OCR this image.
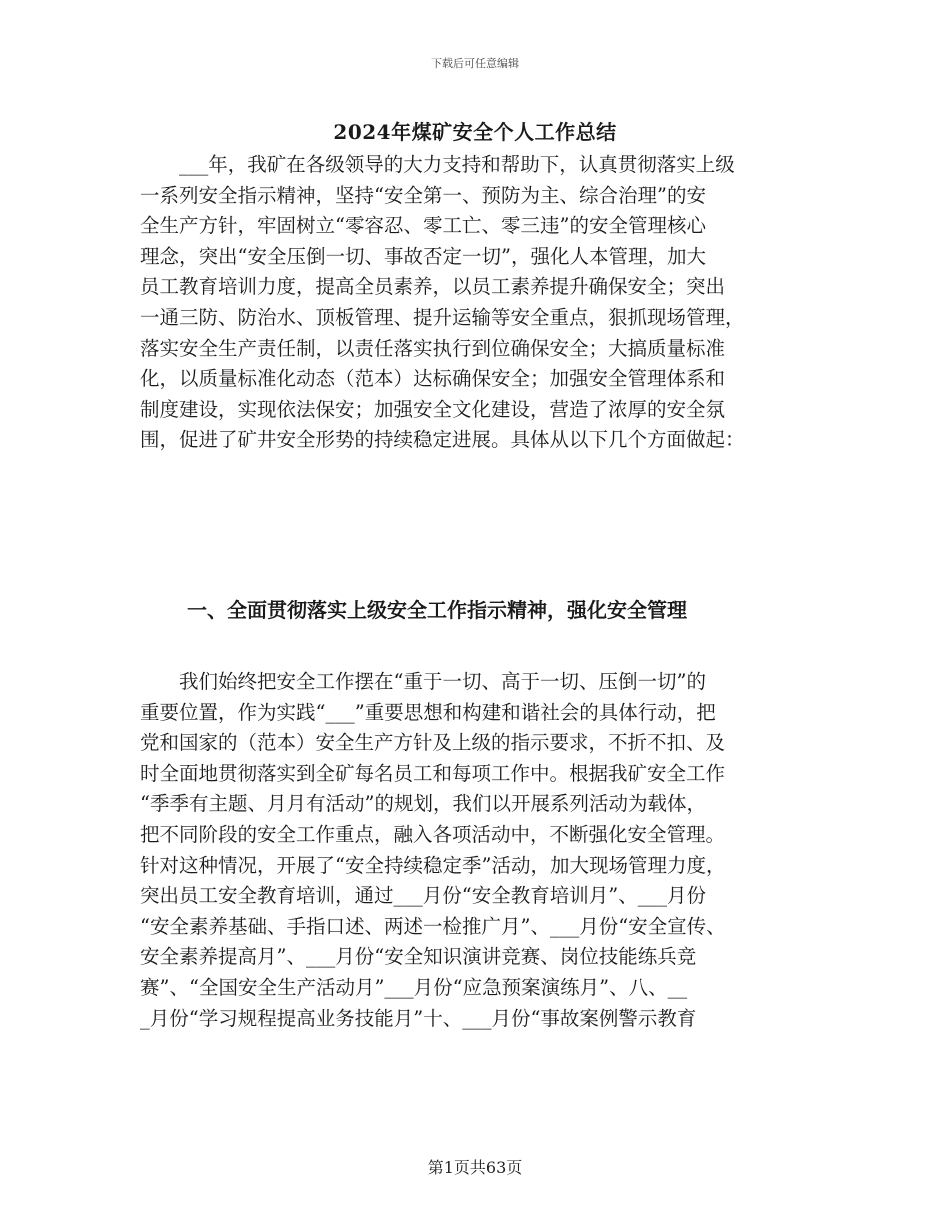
下载后可任意编辑
2024年煤矿安全个人工作总结
　　___年，我矿在各级领导的大力支持和帮助下，认真贯彻落实上级
一系列安全指示精神，坚持“安全第一、预防为主、综合治理”的安
全生产方针，牢固树立“零容忍、零工亡、零三违”的安全管理核心
理念，突出“安全压倒一切、事故否定一切”，强化人本管理，加大
员工教育培训力度，提高全员素养，以员工素养提升确保安全；突出
一通三防、防治水、顶板管理、提升运输等安全重点，狠抓现场管理，
落实安全生产责任制，以责任落实执行到位确保安全；大搞质量标准
化，以质量标准化动态（范本）达标确保安全；加强安全管理体系和
制度建设，实现依法保安；加强安全文化建设，营造了浓厚的安全氛
围，促进了矿井安全形势的持续稳定进展。具体从以下几个方面做起：
一、全面贯彻落实上级安全工作指示精神，强化安全管理
　　我们始终把安全工作摆在“重于一切、高于一切、压倒一切”的
重要位置，作为实践“___”重要思想和构建和谐社会的具体行动，把
党和国家的（范本）安全生产方针及上级的指示要求，不折不扣、及
时全面地贯彻落实到全矿每名员工和每项工作中。根据我矿安全工作
“季季有主题、月月有活动”的规划，我们以开展系列活动为载体，
把不同阶段的安全工作重点，融入各项活动中，不断强化安全管理。
针对这种情况，开展了“安全持续稳定季”活动，加大现场管理力度，
突出员工安全教育培训，通过___月份“安全教育培训月”、___月份
“安全素养基础、手指口述、两述一检推广月”、___月份“安全宣传、
安全素养提高月”、___月份“安全知识演讲竞赛、岗位技能练兵竞
赛”、“全国安全生产活动月”___月份“应急预案演练月”、八、__
_月份“学习规程提高业务技能月”十、___月份“事故案例警示教育
第1页共63页
